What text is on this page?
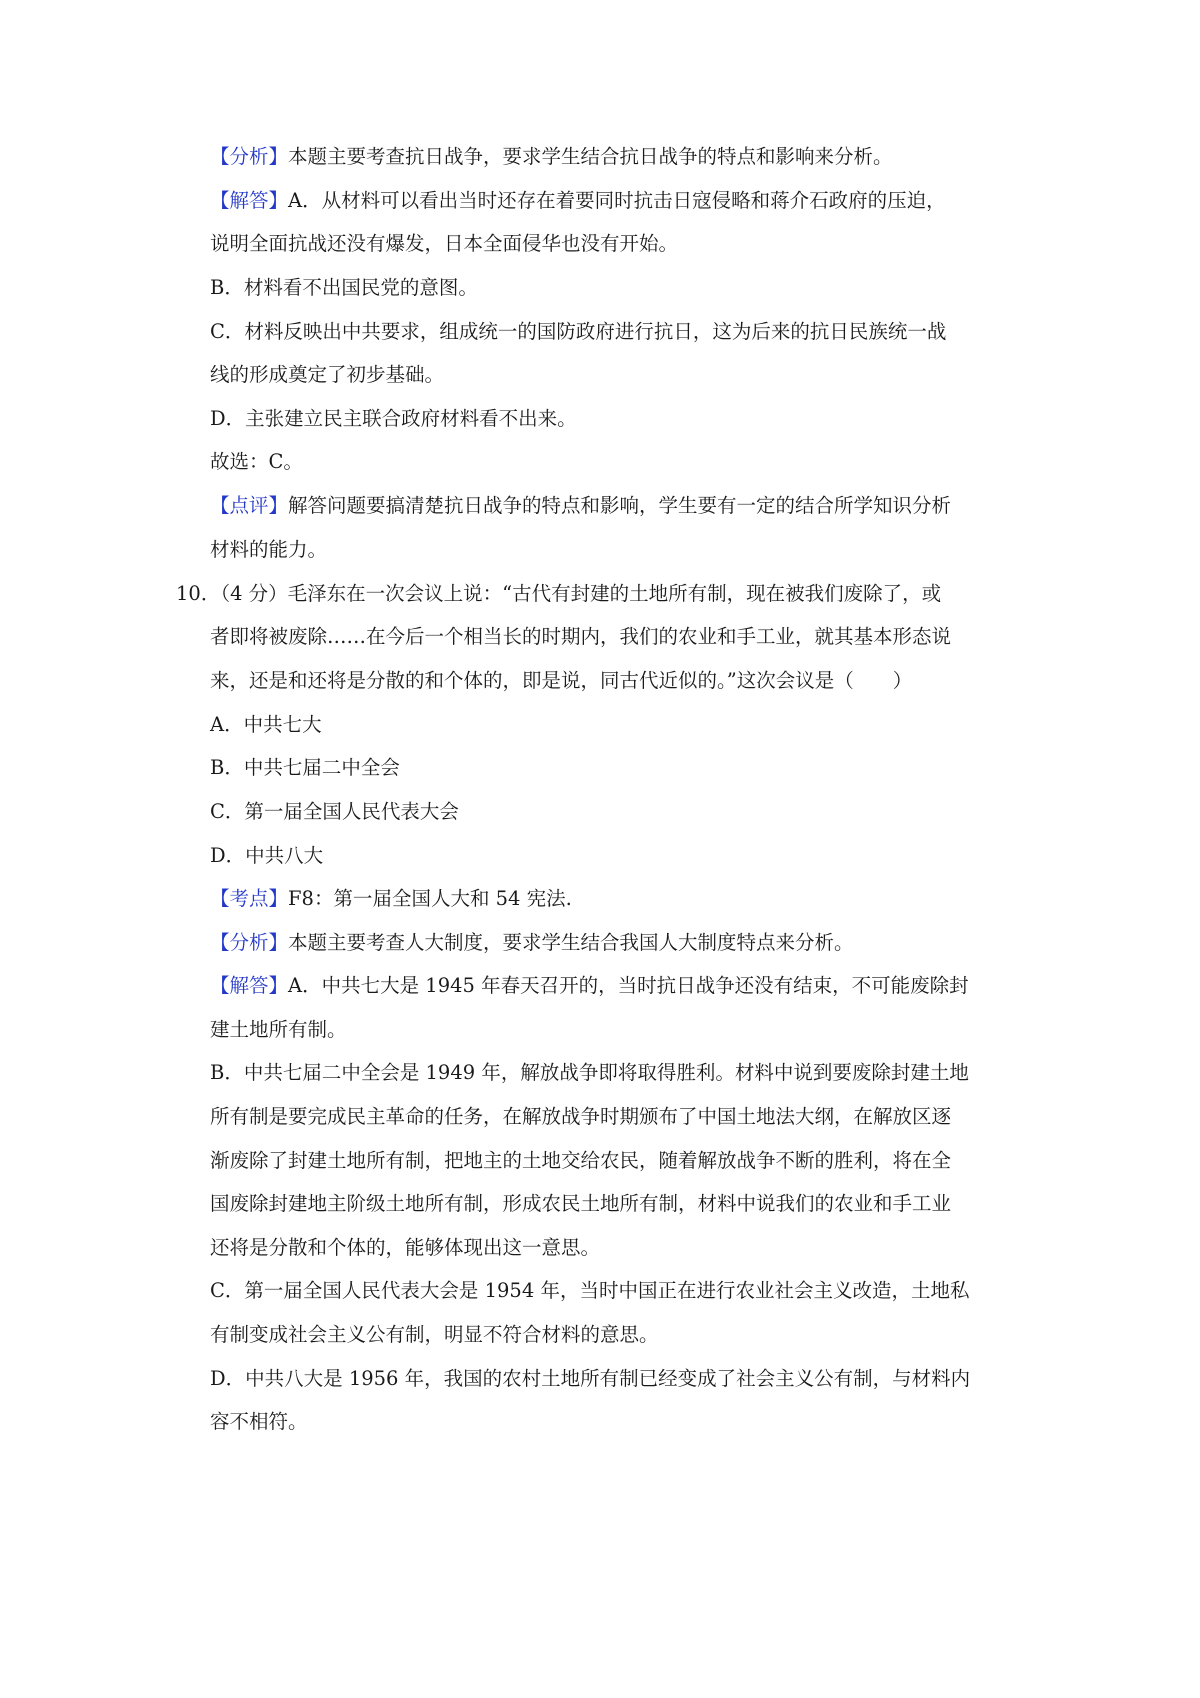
【分析】本题主要考查抗日战争，要求学生结合抗日战争的特点和影响来分析。
【解答】A．从材料可以看出当时还存在着要同时抗击日寇侵略和蒋介石政府的压迫，
说明全面抗战还没有爆发，日本全面侵华也没有开始。
B．材料看不出国民党的意图。
C．材料反映出中共要求，组成统一的国防政府进行抗日，这为后来的抗日民族统一战
线的形成奠定了初步基础。
D．主张建立民主联合政府材料看不出来。
故选：C。
【点评】解答问题要搞清楚抗日战争的特点和影响，学生要有一定的结合所学知识分析
材料的能力。
10．（4 分）毛泽东在一次会议上说：“古代有封建的土地所有制，现在被我们废除了，或
者即将被废除……在今后一个相当长的时期内，我们的农业和手工业，就其基本形态说
来，还是和还将是分散的和个体的，即是说，同古代近似的。”这次会议是（　　）
A．中共七大
B．中共七届二中全会
C．第一届全国人民代表大会
D．中共八大
【考点】F8：第一届全国人大和 54 宪法.
【分析】本题主要考查人大制度，要求学生结合我国人大制度特点来分析。
【解答】A．中共七大是 1945 年春天召开的，当时抗日战争还没有结束，不可能废除封
建土地所有制。
B．中共七届二中全会是 1949 年，解放战争即将取得胜利。材料中说到要废除封建土地
所有制是要完成民主革命的任务，在解放战争时期颁布了中国土地法大纲，在解放区逐
渐废除了封建土地所有制，把地主的土地交给农民，随着解放战争不断的胜利，将在全
国废除封建地主阶级土地所有制，形成农民土地所有制，材料中说我们的农业和手工业
还将是分散和个体的，能够体现出这一意思。
C．第一届全国人民代表大会是 1954 年，当时中国正在进行农业社会主义改造，土地私
有制变成社会主义公有制，明显不符合材料的意思。
D．中共八大是 1956 年，我国的农村土地所有制已经变成了社会主义公有制，与材料内
容不相符。
